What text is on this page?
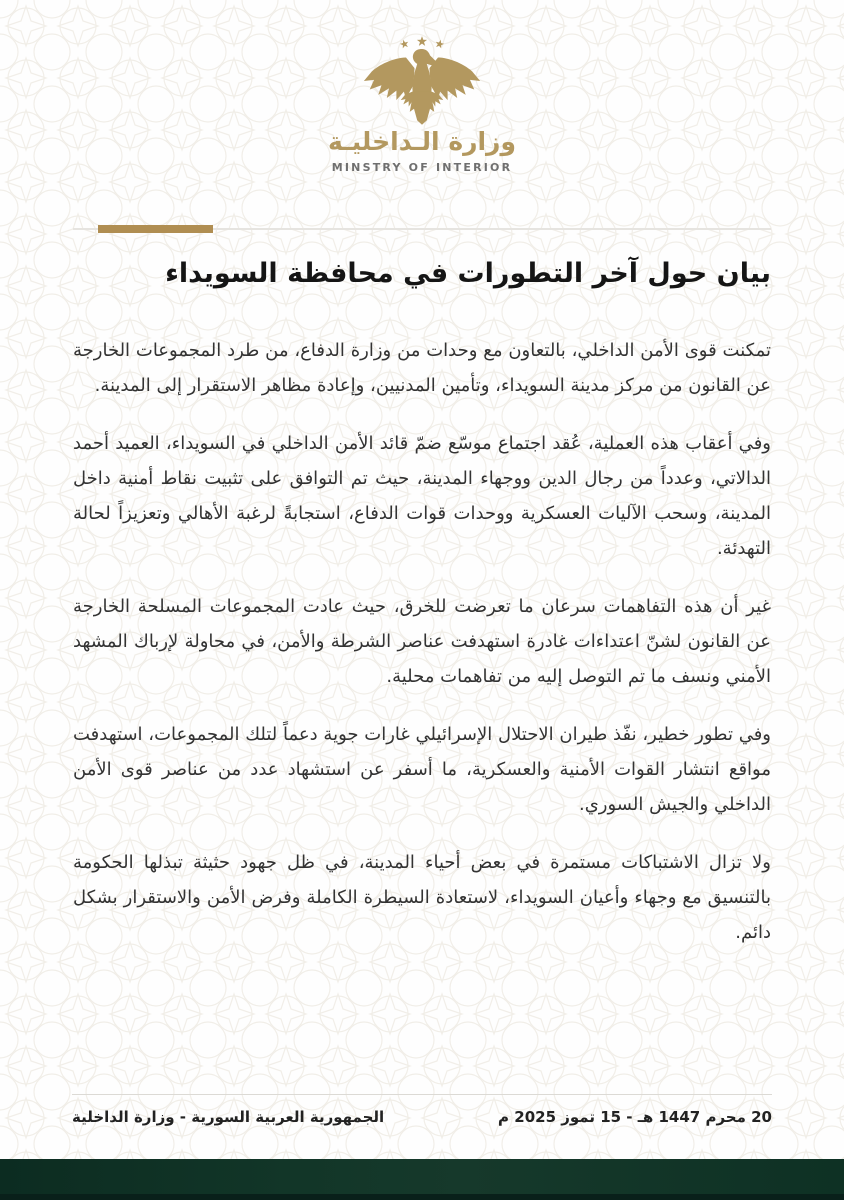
وزارة الـداخليـة
MINSTRY OF INTERIOR
بيان حول آخر التطورات في محافظة السويداء

تمكنت قوى الأمن الداخلي، بالتعاون مع وحدات من وزارة الدفاع، من طرد المجموعات الخارجة عن القانون من مركز مدينة السويداء، وتأمين المدنيين، وإعادة مظاهر الاستقرار إلى المدينة.

وفي أعقاب هذه العملية، عُقد اجتماع موسّع ضمّ قائد الأمن الداخلي في السويداء، العميد أحمد الدالاتي، وعدداً من رجال الدين ووجهاء المدينة، حيث تم التوافق على تثبيت نقاط أمنية داخل المدينة، وسحب الآليات العسكرية ووحدات قوات الدفاع، استجابةً لرغبة الأهالي وتعزيزاً لحالة التهدئة.

غير أن هذه التفاهمات سرعان ما تعرضت للخرق، حيث عادت المجموعات المسلحة الخارجة عن القانون لشنّ اعتداءات غادرة استهدفت عناصر الشرطة والأمن، في محاولة لإرباك المشهد الأمني ونسف ما تم التوصل إليه من تفاهمات محلية.

وفي تطور خطير، نفّذ طيران الاحتلال الإسرائيلي غارات جوية دعماً لتلك المجموعات، استهدفت مواقع انتشار القوات الأمنية والعسكرية، ما أسفر عن استشهاد عدد من عناصر قوى الأمن الداخلي والجيش السوري.

ولا تزال الاشتباكات مستمرة في بعض أحياء المدينة، في ظل جهود حثيثة تبذلها الحكومة بالتنسيق مع وجهاء وأعيان السويداء، لاستعادة السيطرة الكاملة وفرض الأمن والاستقرار بشكل دائم.

20 محرم 1447 هـ - 15 تموز 2025 م
الجمهورية العربية السورية - وزارة الداخلية
